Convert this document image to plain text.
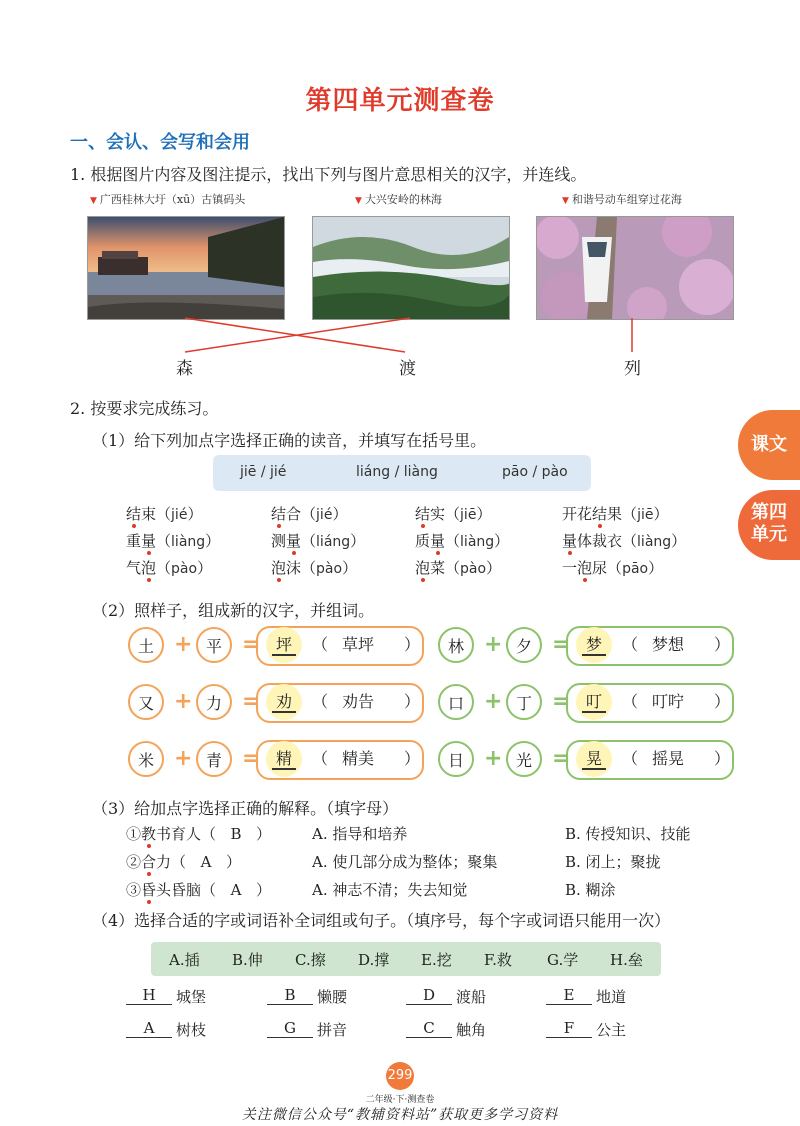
第四单元测查卷
一、会认、会写和会用
1. 根据图片内容及图注提示，找出下列与图片意思相关的汉字，并连线。
▼ 广西桂林大圩（xū）古镇码头	▼ 大兴安岭的林海	▼ 和谐号动车组穿过花海
森	渡	列
2. 按要求完成练习。
（1）给下列加点字选择正确的读音，并填写在括号里。
jiē / jié	liáng / liàng	pāo / pào
结束（jié）	结合（jié）	结实（jiē）	开花结果（jiē）
重量（liàng）	测量（liáng）	质量（liàng）	量体裁衣（liàng）
气泡（pào）	泡沫（pào）	泡菜（pào）	一泡尿（pāo）
（2）照样子，组成新的汉字，并组词。
土 + 平 = 坪	（ 草坪 ）	林 + 夕 = 梦	（ 梦想 ）
又 + 力 = 劝	（ 劝告 ）	口 + 丁 = 叮	（ 叮咛 ）
米 + 青 = 精	（ 精美 ）	日 + 光 = 晃	（ 摇晃 ）
（3）给加点字选择正确的解释。（填字母）
①教书育人（ B ）	A. 指导和培养	B. 传授知识、技能
②合力（ A ）	A. 使几部分成为整体；聚集	B. 闭上；聚拢
③昏头昏脑（ A ）	A. 神志不清；失去知觉	B. 糊涂
（4）选择合适的字或词语补全词组或句子。（填序号，每个字或词语只能用一次）
A.插 B.伸 C.擦 D.撑 E.挖 F.救 G.学 H.垒
H	城堡	B	懒腰	D	渡船	E	地道
A	树枝	G	拼音	C	触角	F	公主
课文
第四单元
299
二年级·下·测查卷
关注微信公众号“教辅资料站”获取更多学习资料
